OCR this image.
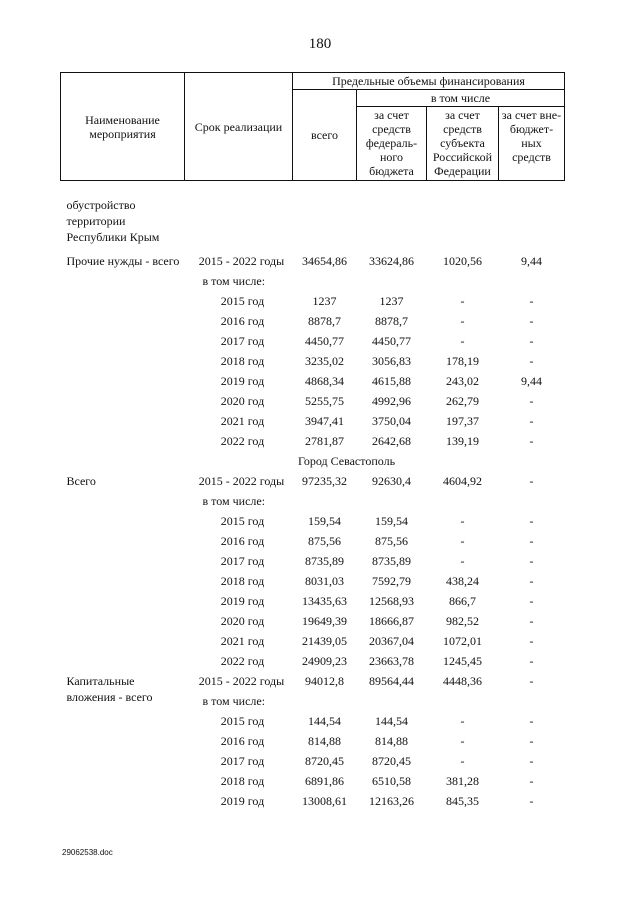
180
Наименование мероприятия	Срок реализации	Предельные объемы финансирования			
		всего	в том числе		
			за счет средств федераль-ного бюджета	за счет средств субъекта Российской Федерации	за счет вне-бюджет-ных средств

обустройство территории Республики Крым					

Прочие нужды - всего	2015 - 2022 годы	34654,86	33624,86	1020,56	9,44
	в том числе:				
	2015 год	1237	1237	-	-
	2016 год	8878,7	8878,7	-	-
	2017 год	4450,77	4450,77	-	-
	2018 год	3235,02	3056,83	178,19	-
	2019 год	4868,34	4615,88	243,02	9,44
	2020 год	5255,75	4992,96	262,79	-
	2021 год	3947,41	3750,04	197,37	-
	2022 год	2781,87	2642,68	139,19	-
Город Севастополь					
Всего	2015 - 2022 годы	97235,32	92630,4	4604,92	-
	в том числе:				
	2015 год	159,54	159,54	-	-
	2016 год	875,56	875,56	-	-
	2017 год	8735,89	8735,89	-	-
	2018 год	8031,03	7592,79	438,24	-
	2019 год	13435,63	12568,93	866,7	-
	2020 год	19649,39	18666,87	982,52	-
	2021 год	21439,05	20367,04	1072,01	-
	2022 год	24909,23	23663,78	1245,45	-
Капитальные вложения - всего	2015 - 2022 годы	94012,8	89564,44	4448,36	-
	в том числе:				
	2015 год	144,54	144,54	-	-
	2016 год	814,88	814,88	-	-
	2017 год	8720,45	8720,45	-	-
	2018 год	6891,86	6510,58	381,28	-
	2019 год	13008,61	12163,26	845,35	-
29062538.doc
